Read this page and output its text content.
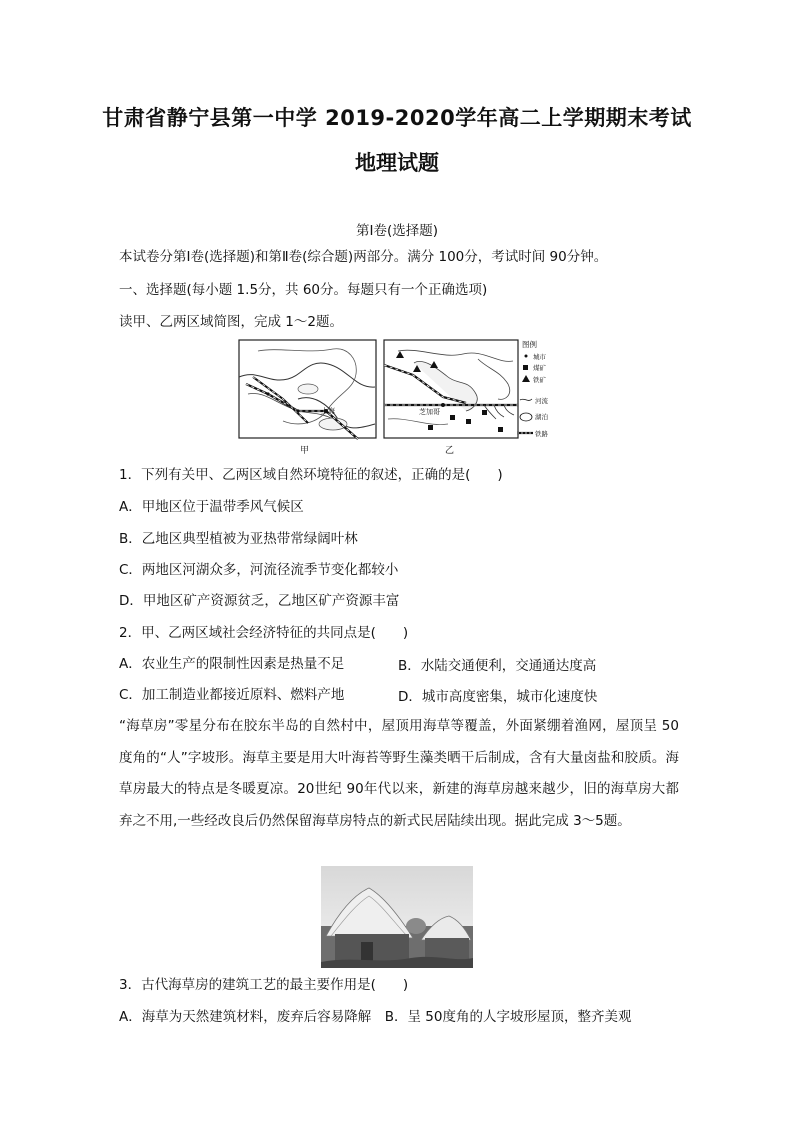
甘肃省静宁县第一中学 2019-2020学年高二上学期期末考试
地理试题
第Ⅰ卷(选择题)
本试卷分第Ⅰ卷(选择题)和第Ⅱ卷(综合题)两部分。满分 100分，考试时间 90分钟。
一、选择题(每小题 1.5分，共 60分。每题只有一个正确选项)
读甲、乙两区域简图，完成 1～2题。
上海	芝加哥
图例
城市
煤矿
铁矿
河流
湖泊
铁路
甲	乙
1．下列有关甲、乙两区域自然环境特征的叙述，正确的是(　　)
A．甲地区位于温带季风气候区
B．乙地区典型植被为亚热带常绿阔叶林
C．两地区河湖众多，河流径流季节变化都较小
D．甲地区矿产资源贫乏，乙地区矿产资源丰富
2．甲、乙两区域社会经济特征的共同点是(　　)
A．农业生产的限制性因素是热量不足	B．水陆交通便利，交通通达度高
C．加工制造业都接近原料、燃料产地	D．城市高度密集，城市化速度快
“海草房”零星分布在胶东半岛的自然村中，屋顶用海草等覆盖，外面紧绷着渔网，屋顶呈 50度角的“人”字坡形。海草主要是用大叶海苔等野生藻类晒干后制成，含有大量卤盐和胶质。海草房最大的特点是冬暖夏凉。20世纪 90年代以来，新建的海草房越来越少，旧的海草房大都弃之不用,一些经改良后仍然保留海草房特点的新式民居陆续出现。据此完成 3～5题。
3．古代海草房的建筑工艺的最主要作用是(　　)
A．海草为天然建筑材料，废弃后容易降解　B．呈 50度角的人字坡形屋顶，整齐美观
